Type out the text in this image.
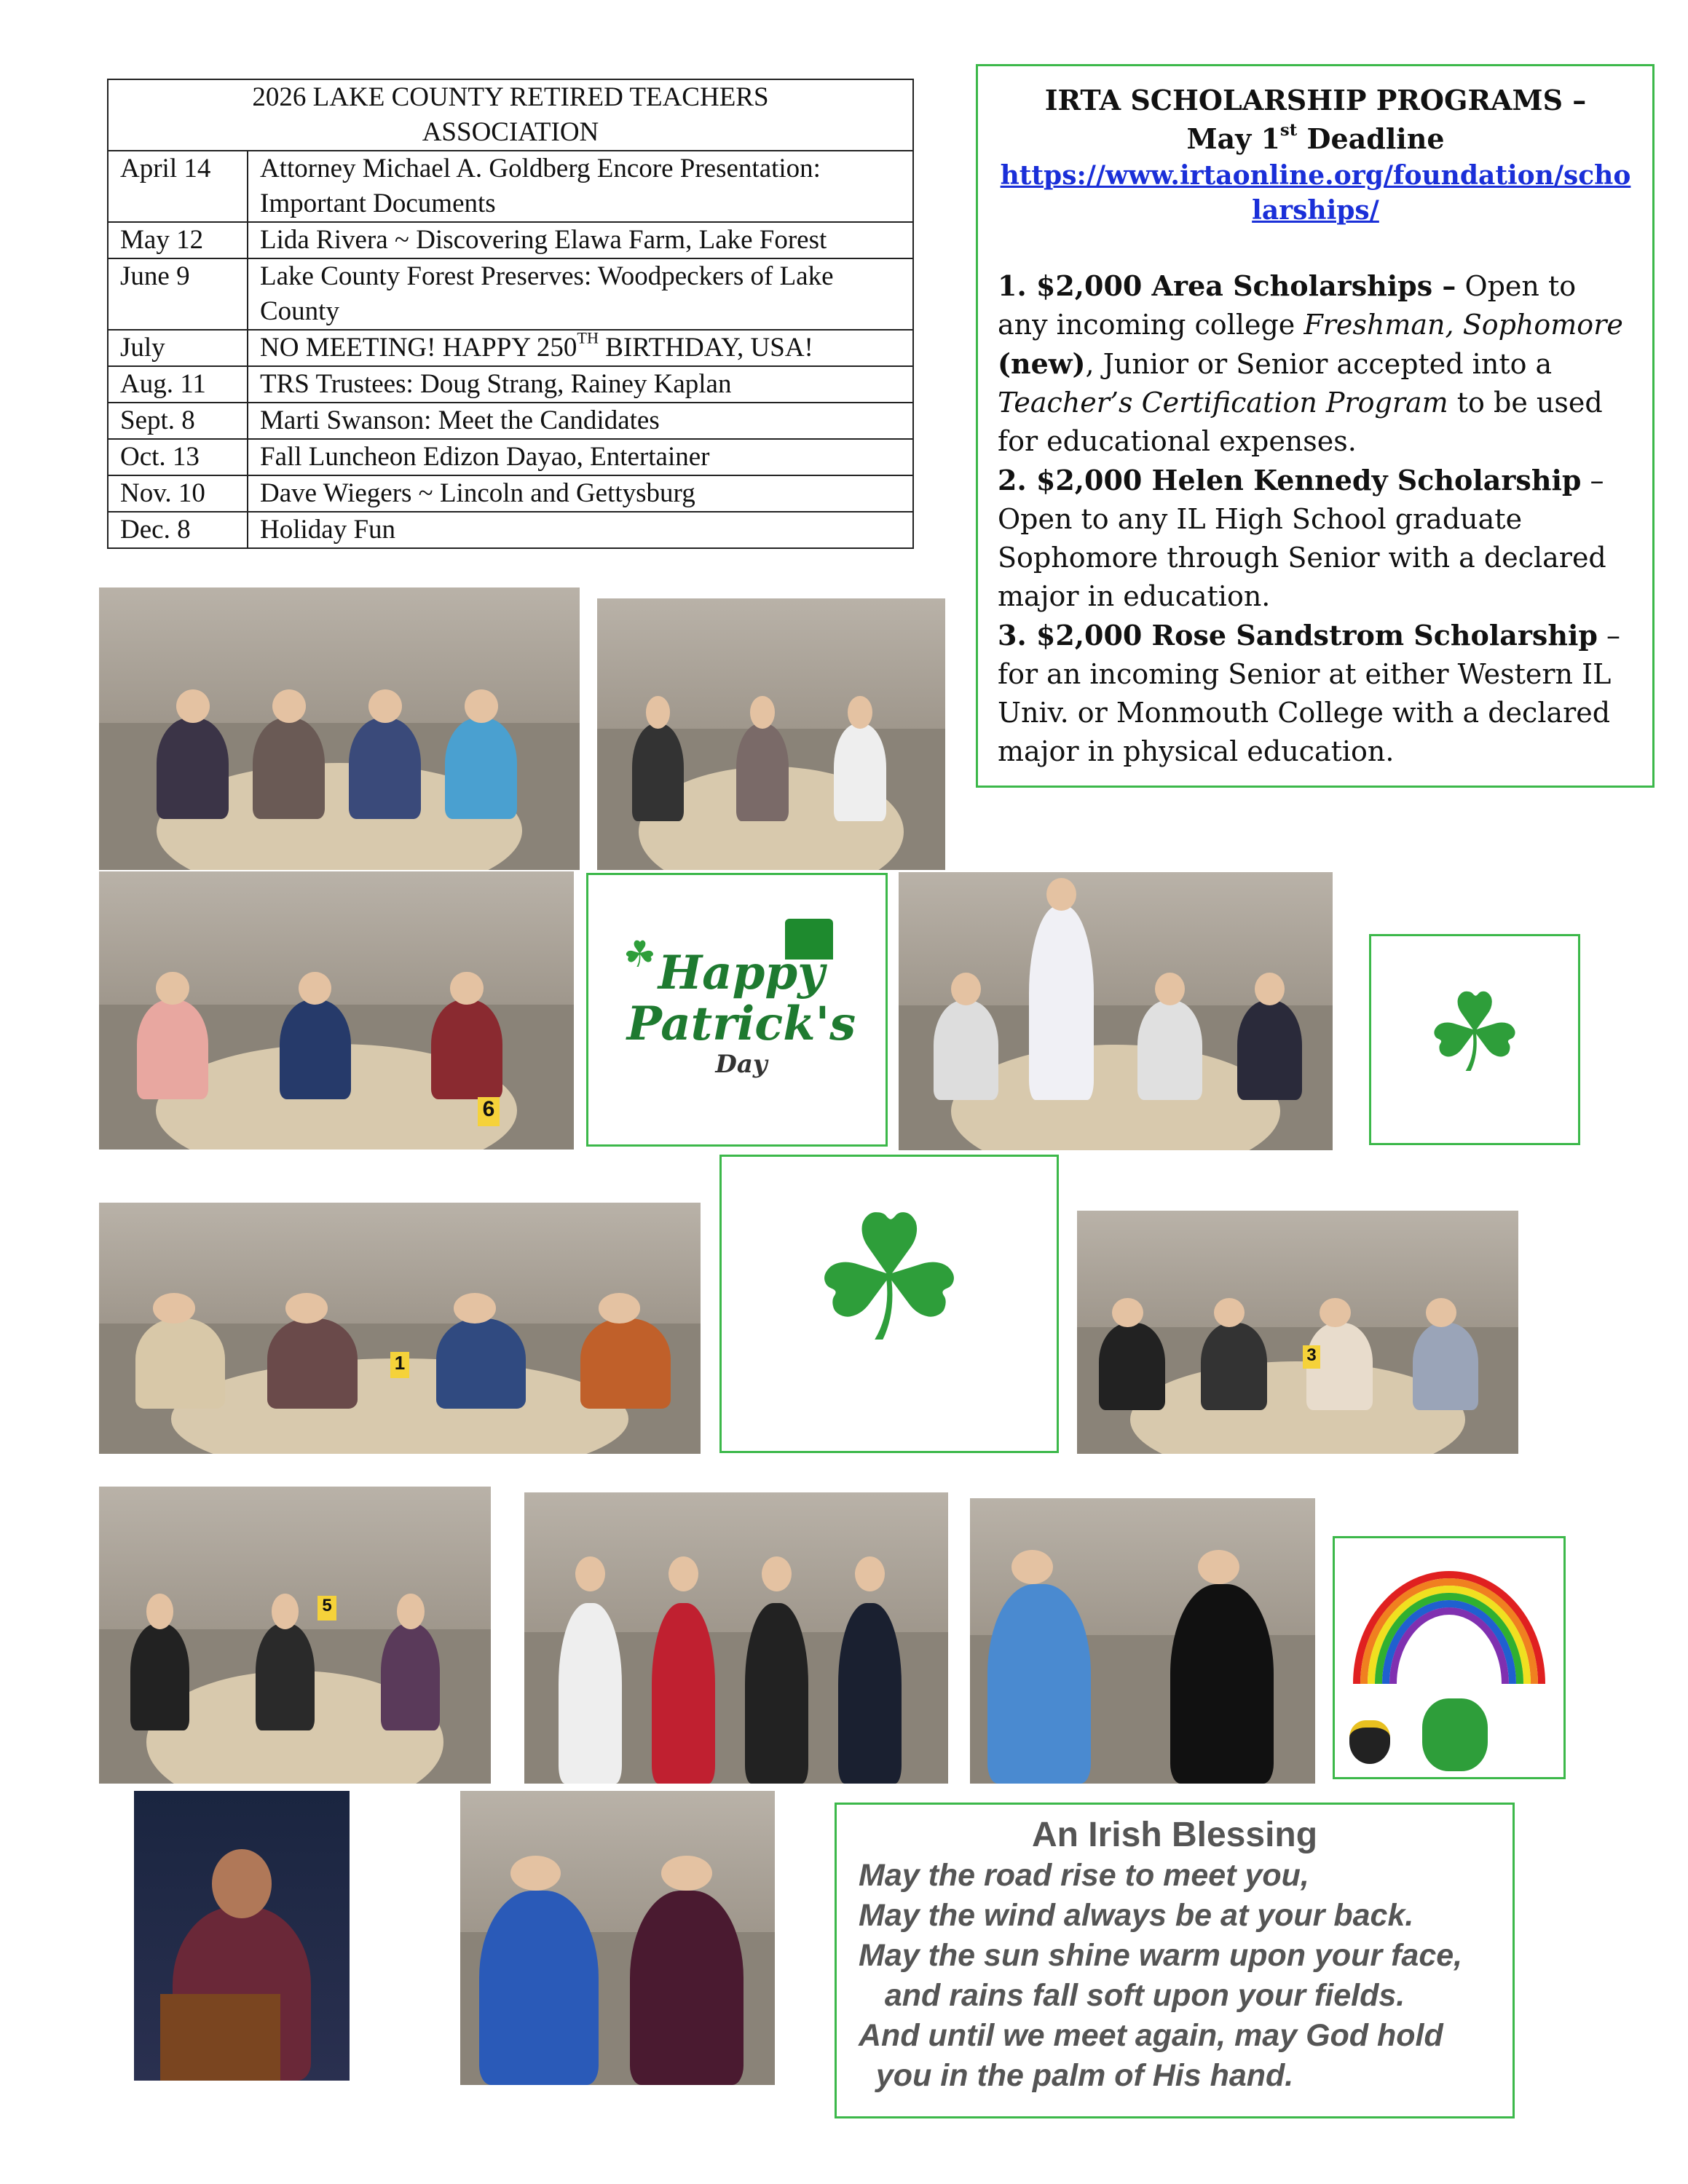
2026 LAKE COUNTY RETIRED TEACHERS
ASSOCIATION	
April 14	Attorney Michael A. Goldberg Encore Presentation: Important Documents
May 12	Lida Rivera ~ Discovering Elawa Farm, Lake Forest
June 9	Lake County Forest Preserves: Woodpeckers of Lake County
July	NO MEETING! HAPPY 250TH BIRTHDAY, USA!
Aug. 11	TRS Trustees: Doug Strang, Rainey Kaplan
Sept. 8	Marti Swanson: Meet the Candidates
Oct. 13	Fall Luncheon Edizon Dayao, Entertainer
Nov. 10	Dave Wiegers ~ Lincoln and Gettysburg
Dec. 8	Holiday Fun
IRTA SCHOLARSHIP PROGRAMS –
May 1st Deadline
https://www.irtaonline.org/foundation/scho
larships/

1. $2,000 Area Scholarships – Open to any incoming college Freshman, Sophomore (new), Junior or Senior accepted into a Teacher’s Certification Program to be used for educational expenses.

2. $2,000 Helen Kennedy Scholarship – Open to any IL High School graduate Sophomore through Senior with a declared major in education.

3. $2,000 Rose Sandstrom Scholarship – for an incoming Senior at either Western IL Univ. or Monmouth College with a declared major in physical education.

6
☘ Happy
Patrick's
Day	☘
1	☘	3
5
An Irish Blessing
May the road rise to meet you,
May the wind always be at your back.
May the sun shine warm upon your face,
and rains fall soft upon your fields.
And until we meet again, may God hold
you in the palm of His hand.
